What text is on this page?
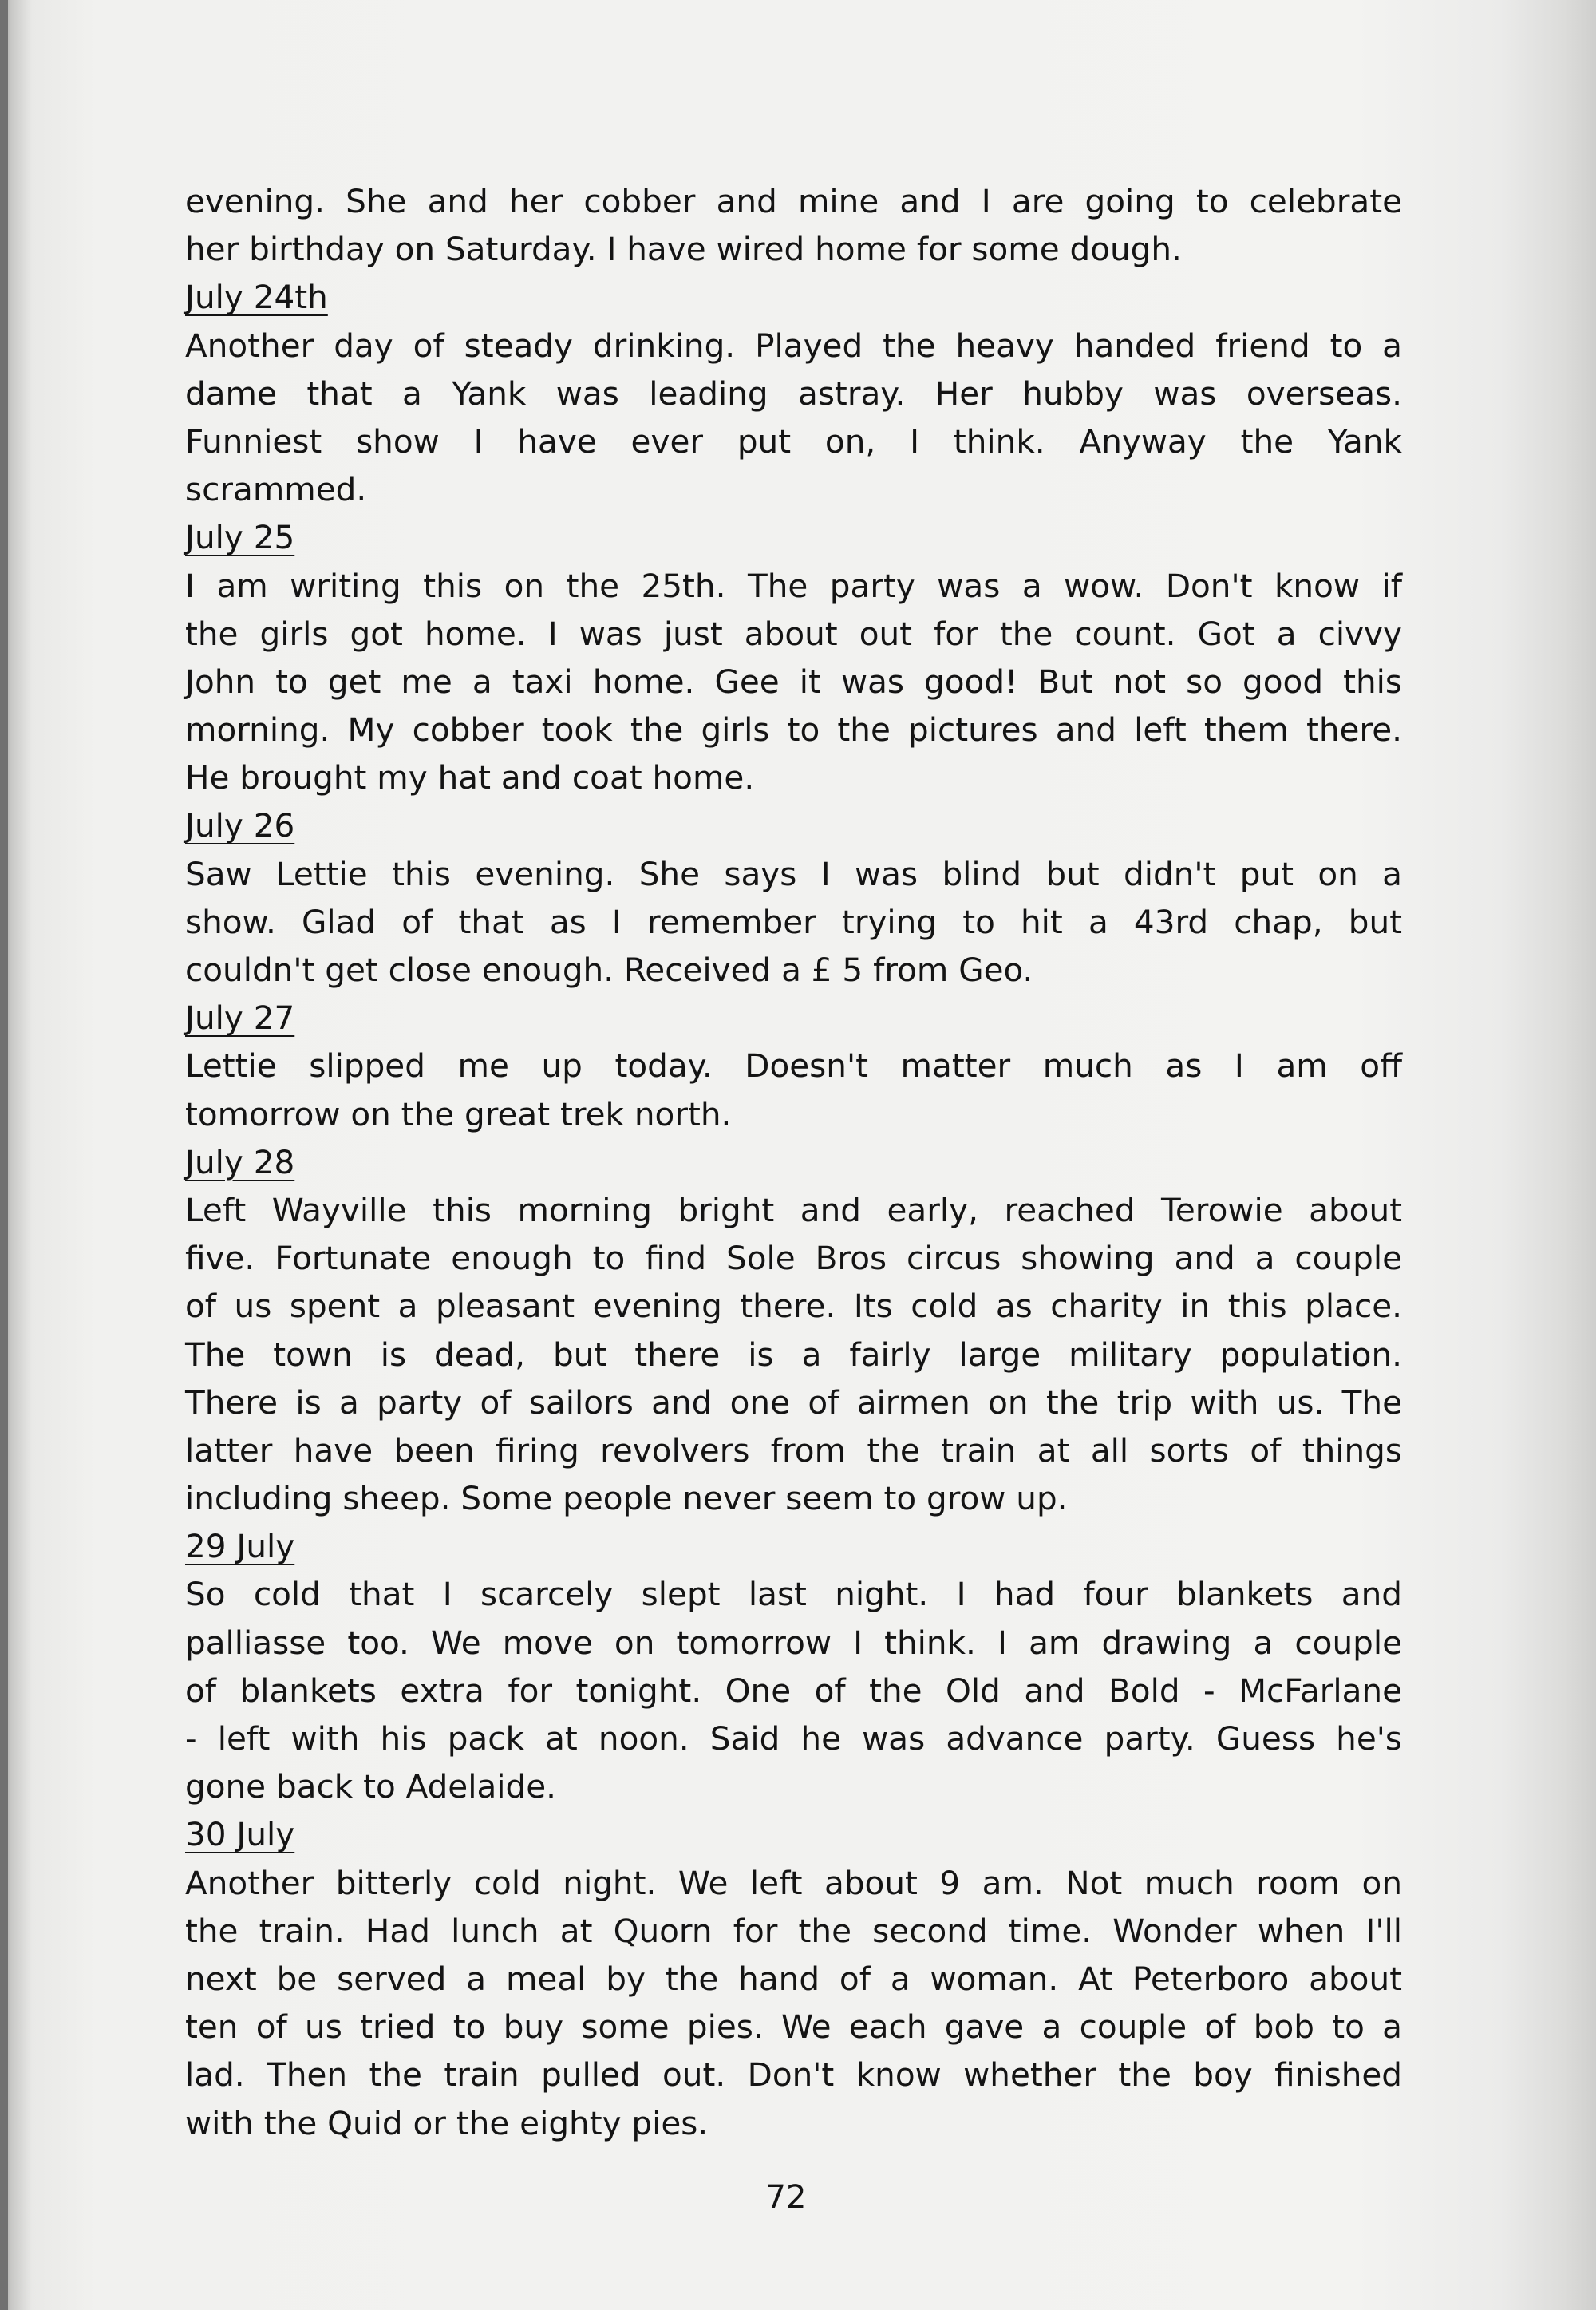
evening. She and her cobber and mine and I are going to celebrate
her birthday on Saturday. I have wired home for some dough.
July 24th
Another day of steady drinking. Played the heavy handed friend to a
dame that a Yank was leading astray. Her hubby was overseas.
Funniest show I have ever put on, I think. Anyway the Yank
scrammed.
July 25
I am writing this on the 25th. The party was a wow. Don't know if
the girls got home. I was just about out for the count. Got a civvy
John to get me a taxi home. Gee it was good! But not so good this
morning. My cobber took the girls to the pictures and left them there.
He brought my hat and coat home.
July 26
Saw Lettie this evening. She says I was blind but didn't put on a
show. Glad of that as I remember trying to hit a 43rd chap, but
couldn't get close enough. Received a £ 5 from Geo.
July 27
Lettie slipped me up today. Doesn't matter much as I am off
tomorrow on the great trek north.
July 28
Left Wayville this morning bright and early, reached Terowie about
five. Fortunate enough to find Sole Bros circus showing and a couple
of us spent a pleasant evening there. Its cold as charity in this place.
The town is dead, but there is a fairly large military population.
There is a party of sailors and one of airmen on the trip with us. The
latter have been firing revolvers from the train at all sorts of things
including sheep. Some people never seem to grow up.
29 July
So cold that I scarcely slept last night. I had four blankets and
palliasse too. We move on tomorrow I think. I am drawing a couple
of blankets extra for tonight. One of the Old and Bold - McFarlane
- left with his pack at noon. Said he was advance party. Guess he's
gone back to Adelaide.
30 July
Another bitterly cold night. We left about 9 am. Not much room on
the train. Had lunch at Quorn for the second time. Wonder when I'll
next be served a meal by the hand of a woman. At Peterboro about
ten of us tried to buy some pies. We each gave a couple of bob to a
lad. Then the train pulled out. Don't know whether the boy finished
with the Quid or the eighty pies.
72
